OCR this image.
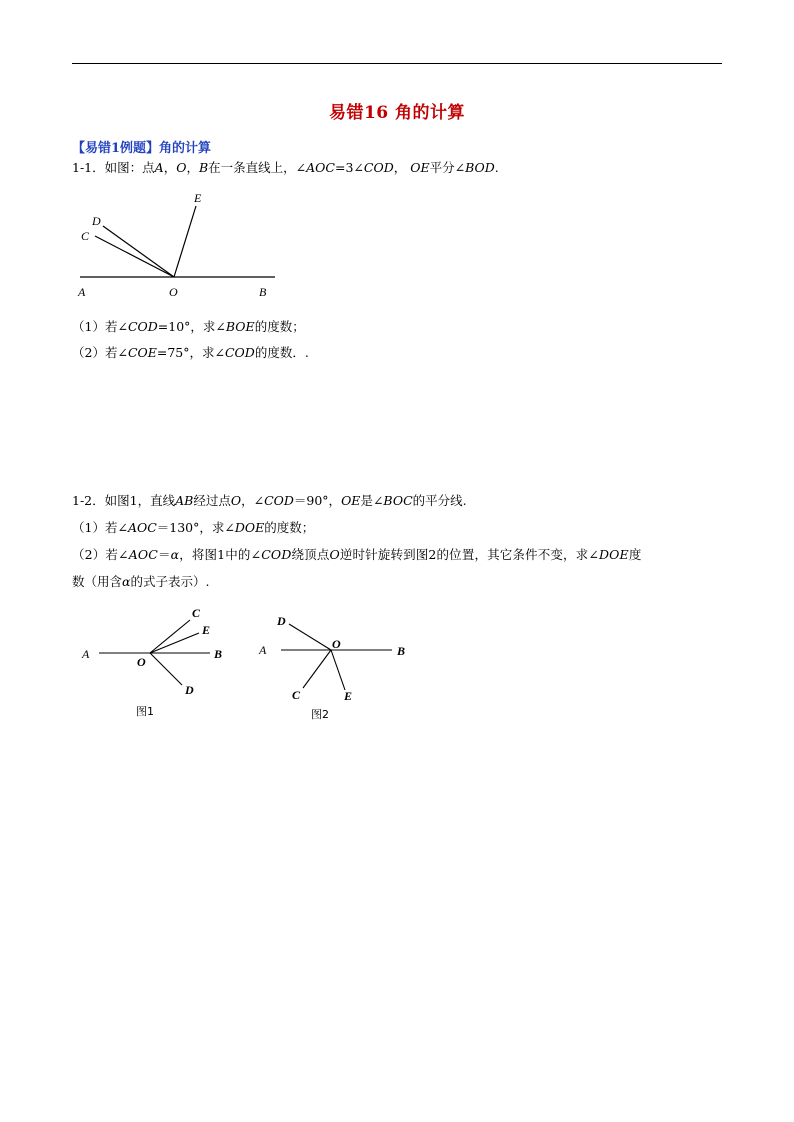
易错16 角的计算
【易错1例题】角的计算
1-1．如图：点A，O，B在一条直线上，∠AOC=3∠COD， OE平分∠BOD.
A	O	B
C
D
E
（1）若∠COD=10°，求∠BOE的度数；
（2）若∠COE=75°，求∠COD的度数．.
1-2．如图1，直线AB经过点O，∠COD＝90°，OE是∠BOC的平分线.
（1）若∠AOC＝130°，求∠DOE的度数；
（2）若∠AOC＝α，将图1中的∠COD绕顶点O逆时针旋转到图2的位置，其它条件不变，求∠DOE度
数（用含α的式子表示）.
A
O
B
C
E
D
图1
A	O	B
D
C	E
图2
